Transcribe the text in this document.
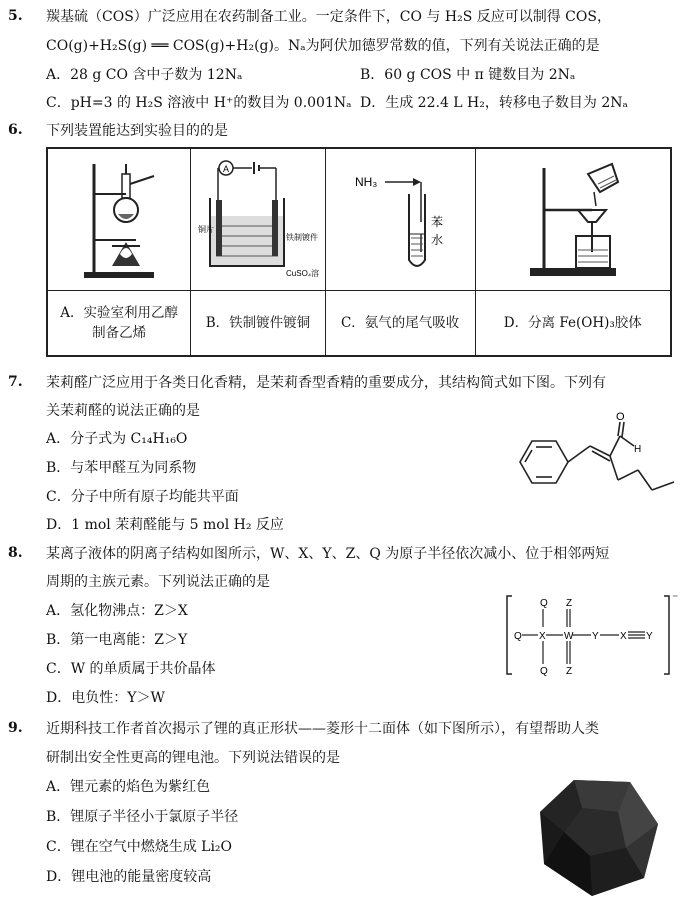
5. 羰基硫（COS）广泛应用在农药制备工业。一定条件下，CO 与 H₂S 反应可以制得 COS，
CO(g)+H₂S(g) ══ COS(g)+H₂(g)。Nₐ为阿伏加德罗常数的值，下列有关说法正确的是
A．28 g CO 含中子数为 12Nₐ	B．60 g COS 中 π 键数目为 2Nₐ
C．pH=3 的 H₂S 溶液中 H⁺的数目为 0.001Nₐ D．生成 22.4 L H₂，转移电子数目为 2Nₐ
6. 下列装置能达到实验目的的是

A
铜片
铁制镀件
CuSO₄溶	NH₃
苯
水

A．实验室利用乙醇
制备乙烯	B．铁制镀件镀铜	C．氨气的尾气吸收	D．分离 Fe(OH)₃胶体
7. 茉莉醛广泛应用于各类日化香精，是茉莉香型香精的重要成分，其结构简式如下图。下列有
关茉莉醛的说法正确的是
A．分子式为 C₁₄H₁₆O
B．与苯甲醛互为同系物
C．分子中所有原子均能共平面
D．1 mol 茉莉醛能与 5 mol H₂ 反应
O
H
8. 某离子液体的阴离子结构如图所示，W、X、Y、Z、Q 为原子半径依次减小、位于相邻两短
周期的主族元素。下列说法正确的是
A．氢化物沸点：Z＞X
B．第一电离能：Z＞Y
C．W 的单质属于共价晶体
D．电负性：Y＞W
⁻
Q Z
Q X W Y X Y
Q Z
9. 近期科技工作者首次揭示了锂的真正形状——菱形十二面体（如下图所示），有望帮助人类
研制出安全性更高的锂电池。下列说法错误的是
A．锂元素的焰色为紫红色
B．锂原子半径小于氯原子半径
C．锂在空气中燃烧生成 Li₂O
D．锂电池的能量密度较高
